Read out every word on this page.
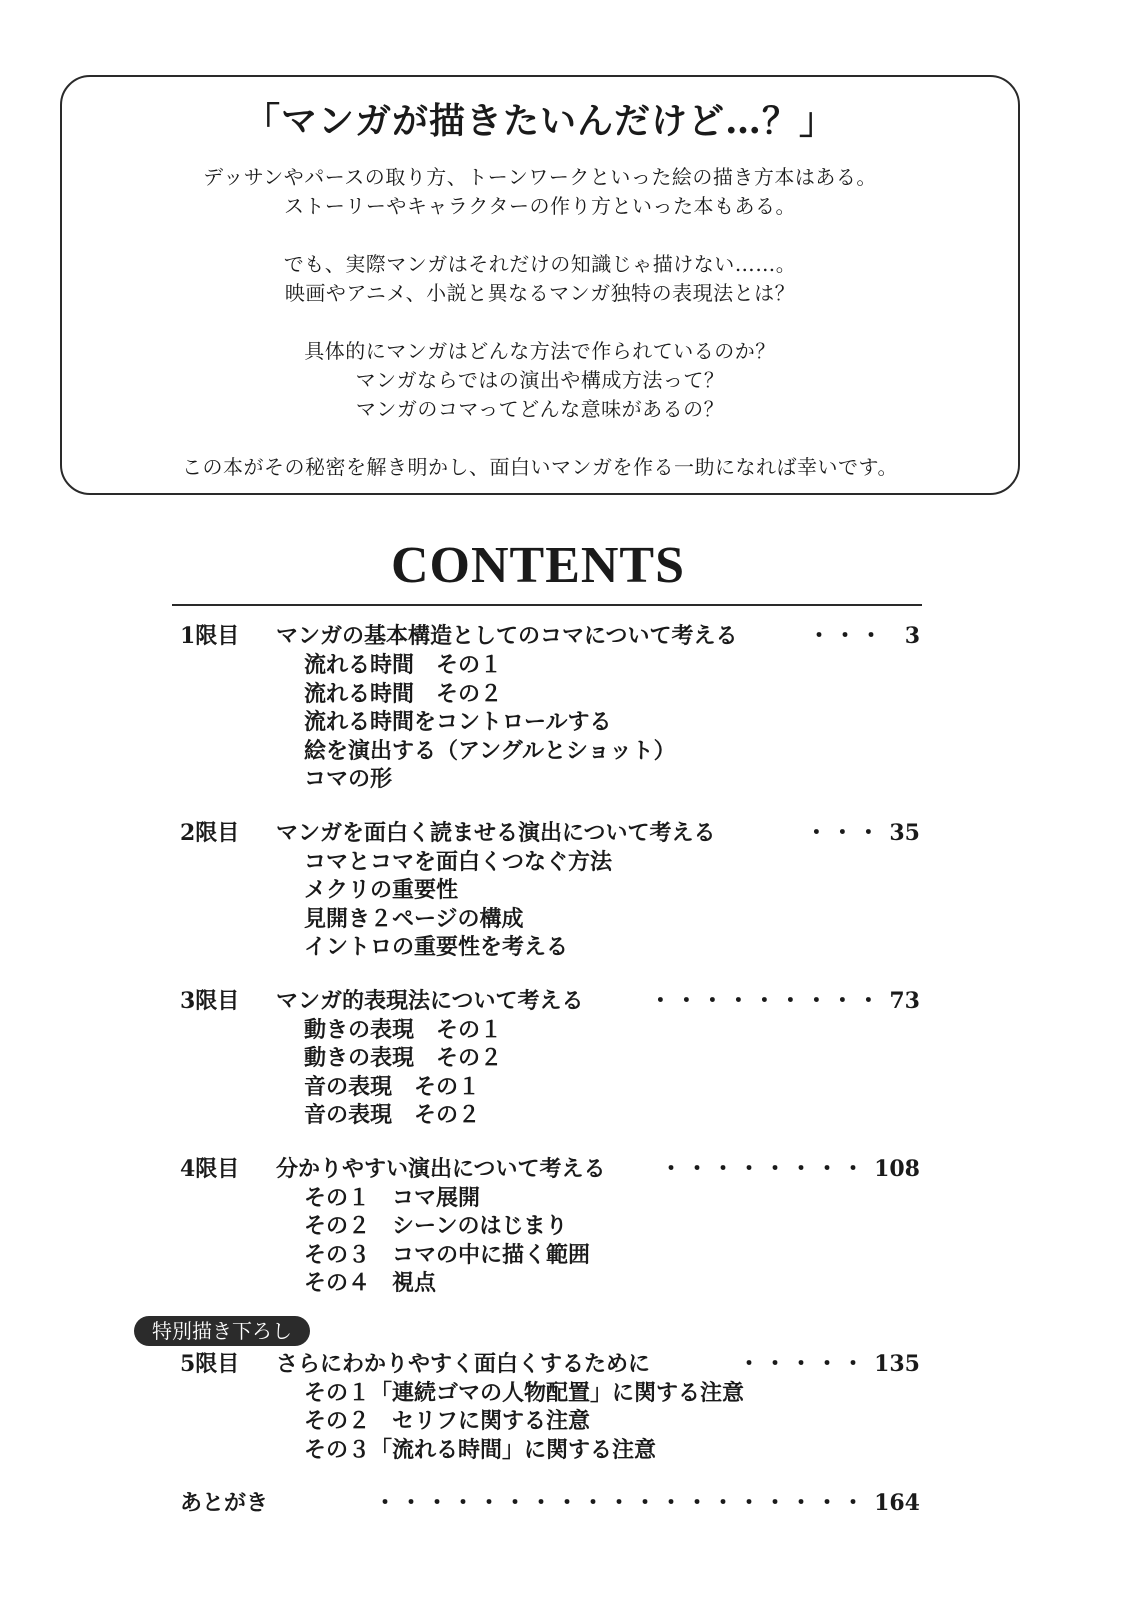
「マンガが描きたいんだけど…？」
デッサンやパースの取り方、トーンワークといった絵の描き方本はある。
ストーリーやキャラクターの作り方といった本もある。
でも、実際マンガはそれだけの知識じゃ描けない……。
映画やアニメ、小説と異なるマンガ独特の表現法とは？
具体的にマンガはどんな方法で作られているのか？
マンガならではの演出や構成方法って？
マンガのコマってどんな意味があるの？
この本がその秘密を解き明かし、面白いマンガを作る一助になれば幸いです。
CONTENTS
1限目	マンガの基本構造としてのコマについて考える	・・・ 3
流れる時間　その１
流れる時間　その２
流れる時間をコントロールする
絵を演出する（アングルとショット）
コマの形
2限目	マンガを面白く読ませる演出について考える	・・・ 35
コマとコマを面白くつなぐ方法
メクリの重要性
見開き２ページの構成
イントロの重要性を考える
3限目	マンガ的表現法について考える	・・・・・・・・・ 73
動きの表現　その１
動きの表現　その２
音の表現　その１
音の表現　その２
4限目	分かりやすい演出について考える	・・・・・・・・ 108
その１　コマ展開
その２　シーンのはじまり
その３　コマの中に描く範囲
その４　視点
特別描き下ろし
5限目	さらにわかりやすく面白くするために	・・・・・ 135
その１「連続ゴマの人物配置」に関する注意
その２　セリフに関する注意
その３「流れる時間」に関する注意
あとがき	・・・・・・・・・・・・・・・・・・・ 164
